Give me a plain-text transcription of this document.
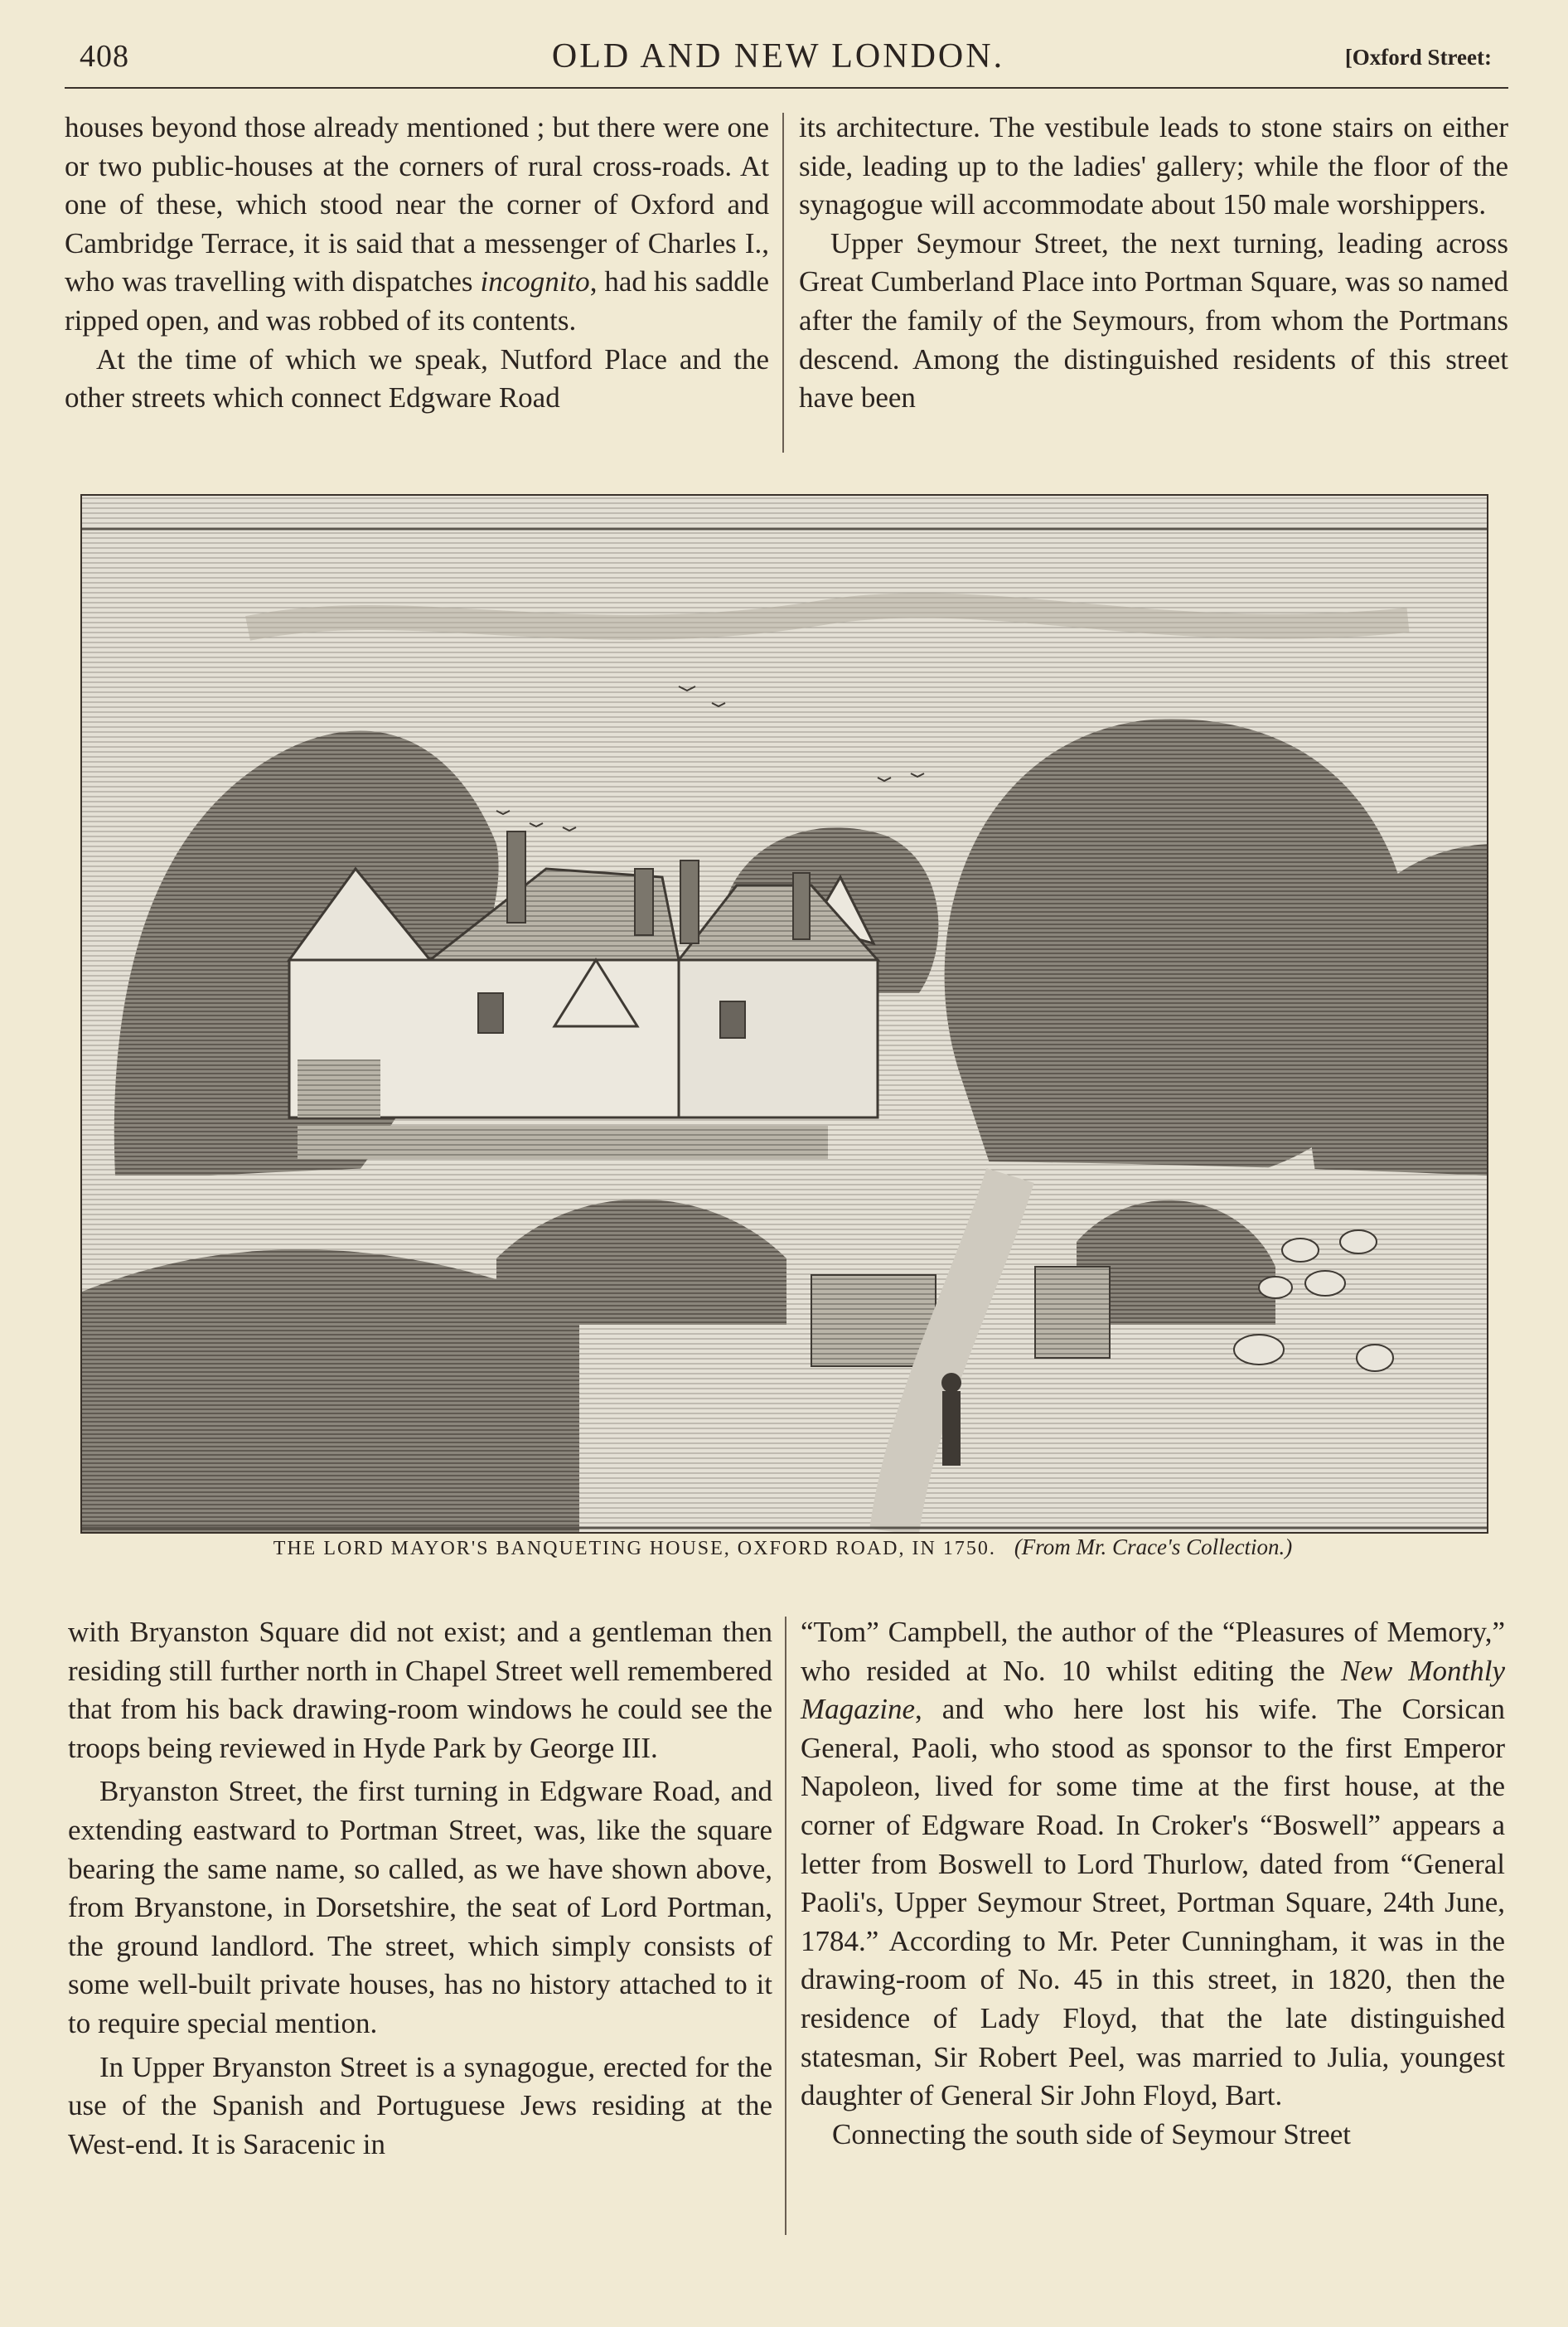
408	OLD AND NEW LONDON.	[Oxford Street:

houses beyond those already mentioned ; but there were one or two public-houses at the corners of rural cross-roads. At one of these, which stood near the corner of Oxford and Cambridge Terrace, it is said that a messenger of Charles I., who was travelling with dispatches incognito, had his saddle ripped open, and was robbed of its contents.

At the time of which we speak, Nutford Place and the other streets which connect Edgware Road

its architecture. The vestibule leads to stone stairs on either side, leading up to the ladies' gallery; while the floor of the synagogue will accommodate about 150 male worshippers.

Upper Seymour Street, the next turning, leading across Great Cumberland Place into Portman Square, was so named after the family of the Seymours, from whom the Portmans descend. Among the distinguished residents of this street have been

THE LORD MAYOR'S BANQUETING HOUSE, OXFORD ROAD, IN 1750. (From Mr. Crace's Collection.)

with Bryanston Square did not exist; and a gentleman then residing still further north in Chapel Street well remembered that from his back drawing-room windows he could see the troops being reviewed in Hyde Park by George III.

Bryanston Street, the first turning in Edgware Road, and extending eastward to Portman Street, was, like the square bearing the same name, so called, as we have shown above, from Bryanstone, in Dorsetshire, the seat of Lord Portman, the ground landlord. The street, which simply consists of some well-built private houses, has no history attached to it to require special mention.

In Upper Bryanston Street is a synagogue, erected for the use of the Spanish and Portuguese Jews residing at the West-end. It is Saracenic in

“Tom” Campbell, the author of the “Pleasures of Memory,” who resided at No. 10 whilst editing the New Monthly Magazine, and who here lost his wife. The Corsican General, Paoli, who stood as sponsor to the first Emperor Napoleon, lived for some time at the first house, at the corner of Edgware Road. In Croker's “Boswell” appears a letter from Boswell to Lord Thurlow, dated from “General Paoli's, Upper Seymour Street, Portman Square, 24th June, 1784.” According to Mr. Peter Cunningham, it was in the drawing-room of No. 45 in this street, in 1820, then the residence of Lady Floyd, that the late distinguished statesman, Sir Robert Peel, was married to Julia, youngest daughter of General Sir John Floyd, Bart.

Connecting the south side of Seymour Street
